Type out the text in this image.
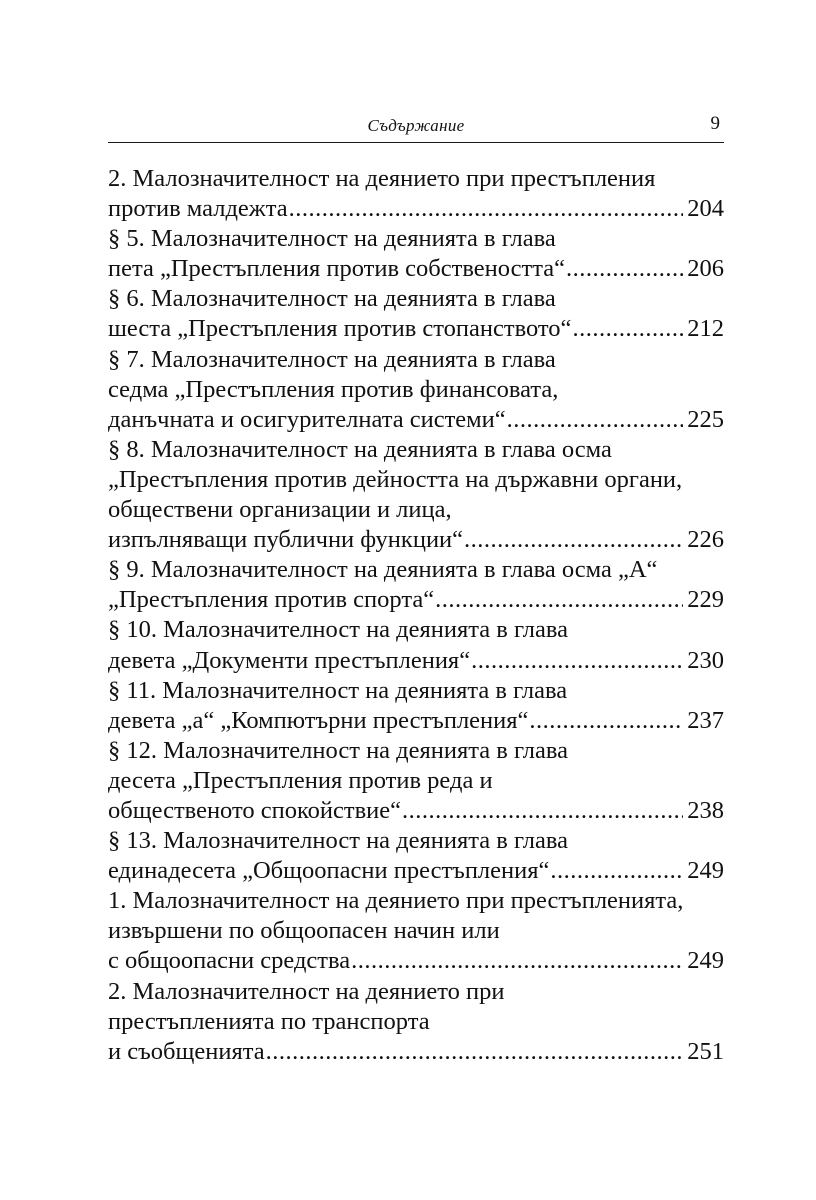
Съдържание	9
2. Малозначителност на деянието при престъпления
против малдежта .....	204
§ 5. Малозначителност на деянията в глава
пета „Престъпления против собствеността“ .....	206
§ 6. Малозначителност на деянията в глава
шеста „Престъпления против стопанството“ .....	212
§ 7. Малозначителност на деянията в глава
седма „Престъпления против финансовата,
данъчната и осигурителната системи“ .....	225
§ 8. Малозначителност на деянията в глава осма
„Престъпления против дейността на държавни органи,
обществени организации и лица,
изпълняващи публични функции“ .....	226
§ 9. Малозначителност на деянията в глава осма „А“
„Престъпления против спорта“ .....	229
§ 10. Малозначителност на деянията в глава
девета „Документи престъпления“ .....	230
§ 11. Малозначителност на деянията в глава
девета „а“ „Компютърни престъпления“ .....	237
§ 12. Малозначителност на деянията в глава
десета „Престъпления против реда и
общественото спокойствие“ .....	238
§ 13. Малозначителност на деянията в глава
единадесета „Общоопасни престъпления“ .....	249
1. Малозначителност на деянието при престъпленията,
извършени по общоопасен начин или
с общоопасни средства .....	249
2. Малозначителност на деянието при
престъпленията по транспорта
и съобщенията .....	251
